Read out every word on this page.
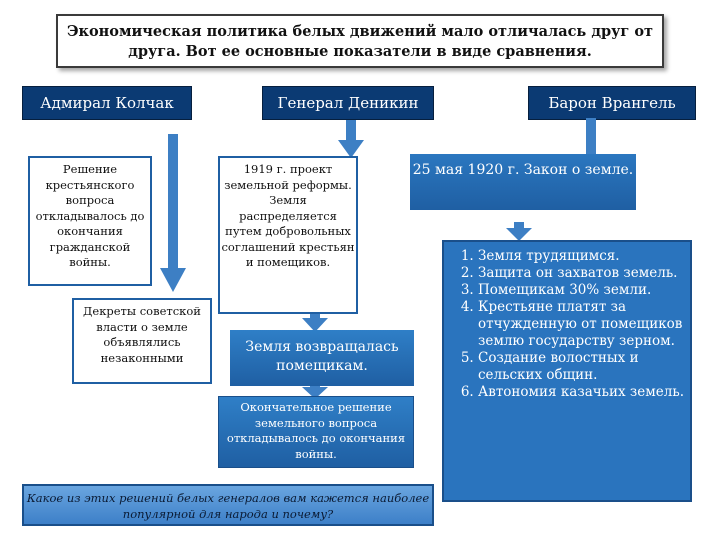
Экономическая политика белых движений мало отличалась друг от друга. Вот ее основные показатели в виде сравнения.
Адмирал Колчак	Генерал Деникин	Барон Врангель
Решение крестьянского вопроса откладывалось до окончания гражданской войны.
Декреты советской власти о земле объявлялись незаконными
1919 г. проект земельной реформы. Земля распределяется путем добровольных соглашений крестьян и помещиков.
Земля возвращалась помещикам.
Окончательное решение земельного вопроса откладывалось до окончания войны.
25 мая 1920 г. Закон о земле.
1. Земля трудящимся.
2. Защита он захватов земель.
3. Помещикам 30% земли.
4. Крестьяне платят за отчужденную от помещиков землю государству зерном.
5. Создание волостных и сельских общин.
6. Автономия казачьих земель.
Какое из этих решений белых генералов вам кажется наиболее популярной для народа и почему?
